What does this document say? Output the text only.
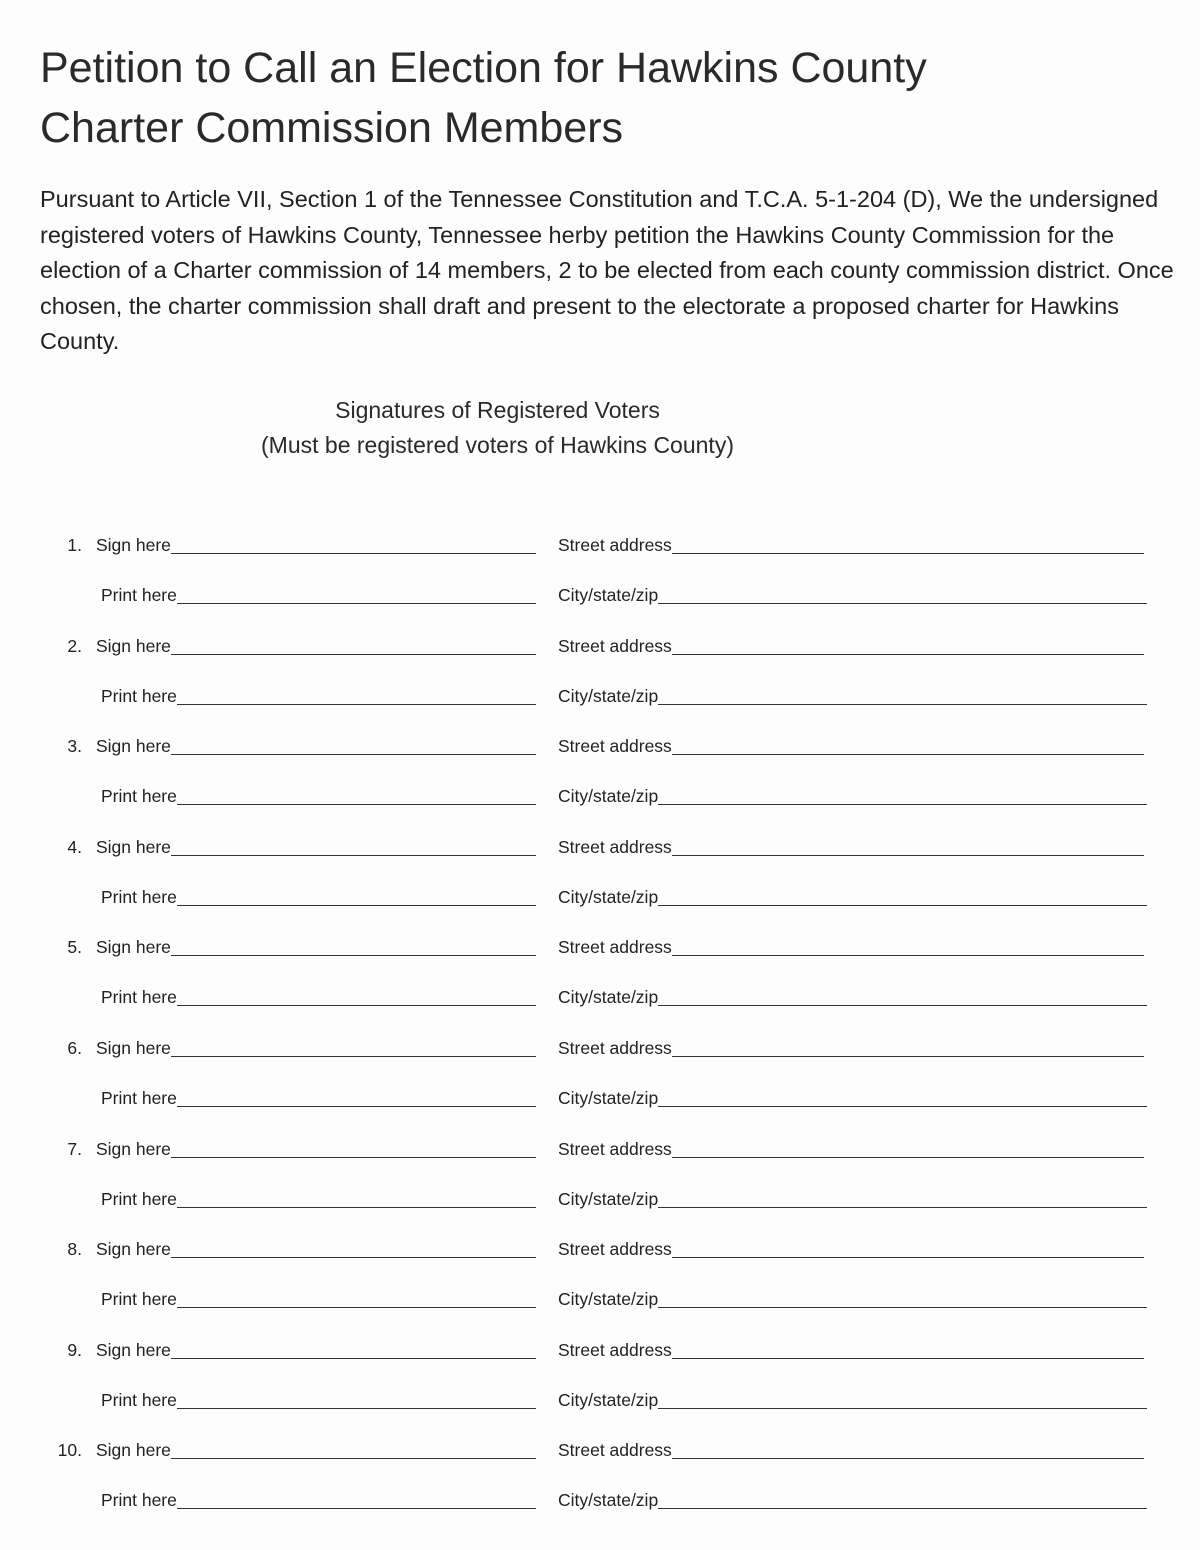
Petition to Call an Election for Hawkins County
Charter Commission Members

Pursuant to Article VII, Section 1 of the Tennessee Constitution and T.C.A. 5-1-204 (D), We the undersigned registered voters of Hawkins County, Tennessee herby petition the Hawkins County Commission for the election of a Charter commission of 14 members, 2 to be elected from each county commission district. Once chosen, the charter commission shall draft and present to the electorate a proposed charter for Hawkins County.

Signatures of Registered Voters
(Must be registered voters of Hawkins County)
1. Sign here	Street address
Print here	City/state/zip
2. Sign here	Street address
Print here	City/state/zip
3. Sign here	Street address
Print here	City/state/zip
4. Sign here	Street address
Print here	City/state/zip
5. Sign here	Street address
Print here	City/state/zip
6. Sign here	Street address
Print here	City/state/zip
7. Sign here	Street address
Print here	City/state/zip
8. Sign here	Street address
Print here	City/state/zip
9. Sign here	Street address
Print here	City/state/zip
10. Sign here	Street address
Print here	City/state/zip
